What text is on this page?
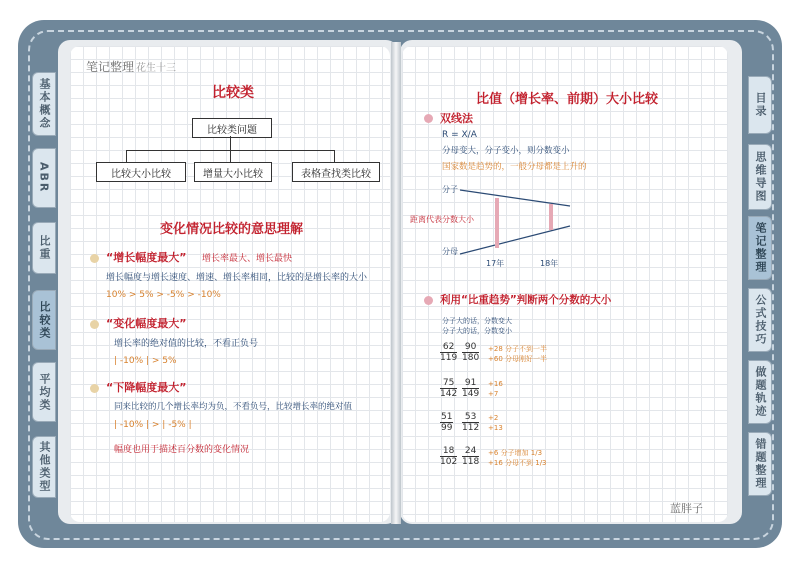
基本概念
ABR
比重
比较类
平均类
其他类型
目录
思维导图
笔记整理
公式技巧
做题轨迹
错题整理
笔记整理 花生十三
比较类
比较类问题
比较大小比较	增量大小比较	表格查找类比较
变化情况比较的意思理解
“增长幅度最大” 增长率最大、增长最快
增长幅度与增长速度、增速、增长率相同，比较的是增长率的大小
10% > 5% > -5% > -10%
“变化幅度最大”
增长率的绝对值的比较，不看正负号
| -10% | > 5%
“下降幅度最大”
同来比较的几个增长率均为负，不看负号，比较增长率的绝对值
| -10% | > | -5% |
幅度也用于描述百分数的变化情况
比值（增长率、前期）大小比较
双线法
R = X/A
分母变大，分子变小，则分数变小
国家数是趋势的，一般分母都是上升的
分子
分母
距离代表分数大小
17年	18年
利用“比重趋势”判断两个分数的大小
分子大的话，分数变大
分子大的话，分数变小
$\frac{62}{119} \frac{90}{180} +28$ 分子不到一半
+60 分母刚好一半
$\frac{75}{142} \frac{91}{149} +16$
+7
$\frac{51}{99} \frac{53}{112} +2$
+13
$\frac{18}{102} \frac{24}{118} +6$ 分子增加 1/3
+16 分母不到 1/3
蓝胖子
